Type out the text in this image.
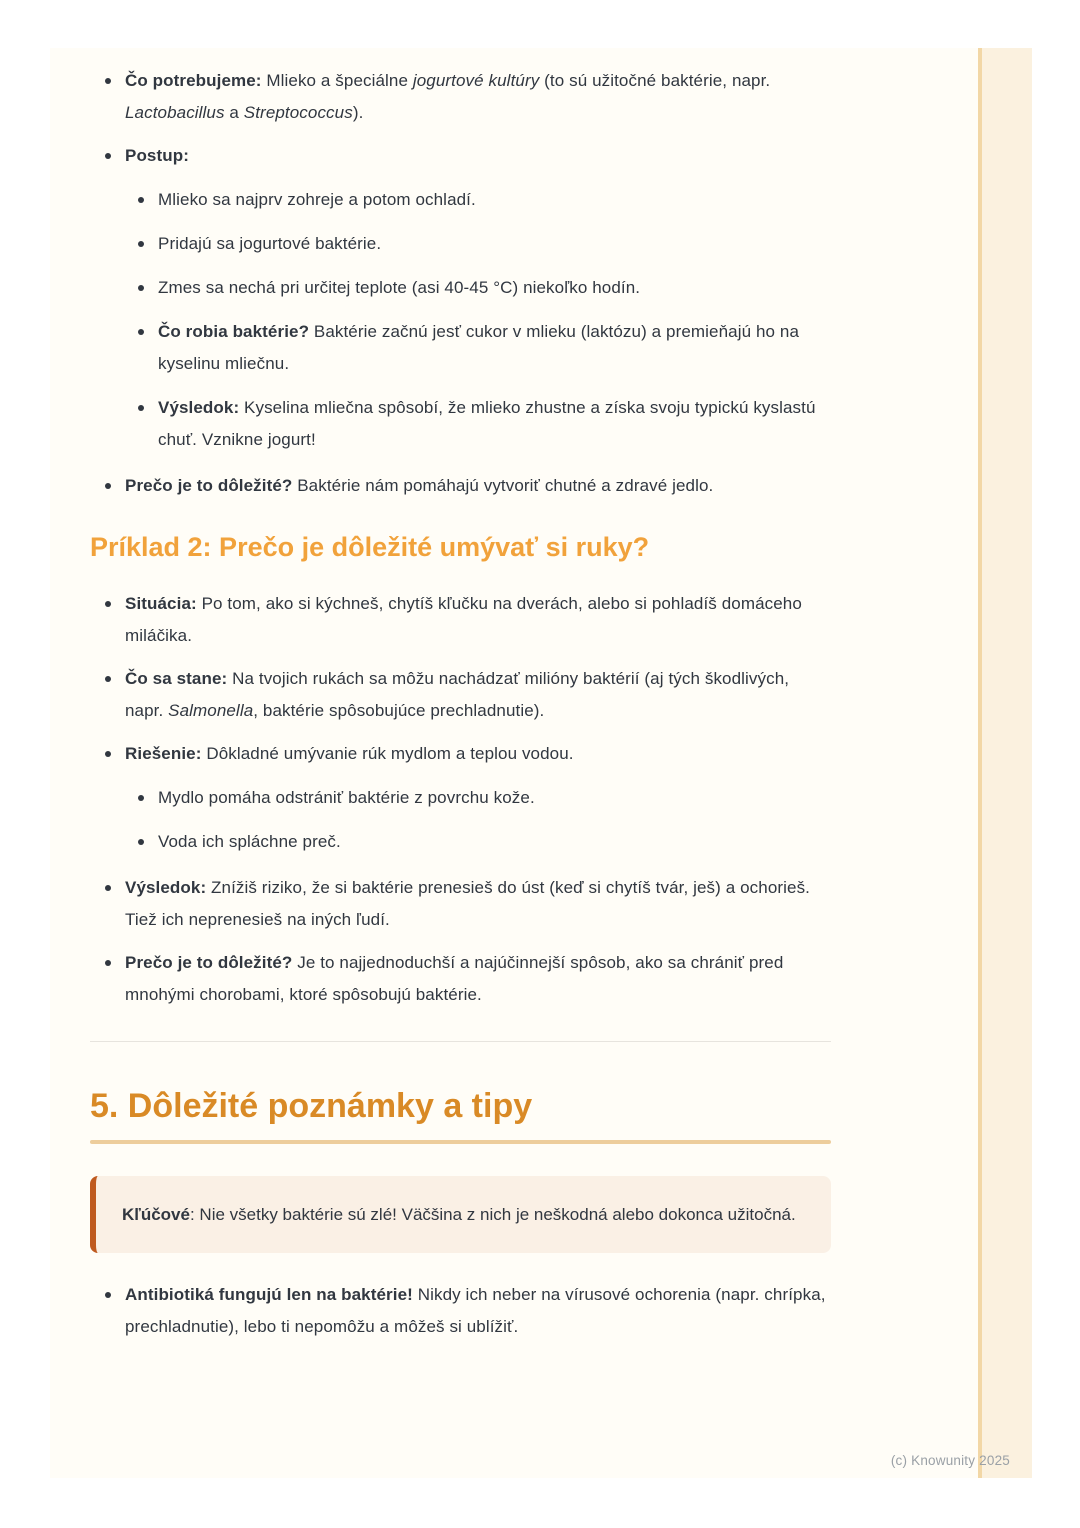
Čo potrebujeme: Mlieko a špeciálne jogurtové kultúry (to sú užitočné baktérie, napr. Lactobacillus a Streptococcus).
Postup:
Mlieko sa najprv zohreje a potom ochladí.
Pridajú sa jogurtové baktérie.
Zmes sa nechá pri určitej teplote (asi 40-45 °C) niekoľko hodín.
Čo robia baktérie? Baktérie začnú jesť cukor v mlieku (laktózu) a premieňajú ho na kyselinu mliečnu.
Výsledok: Kyselina mliečna spôsobí, že mlieko zhustne a získa svoju typickú kyslastú chuť. Vznikne jogurt!
Prečo je to dôležité? Baktérie nám pomáhajú vytvoriť chutné a zdravé jedlo.
Príklad 2: Prečo je dôležité umývať si ruky?
Situácia: Po tom, ako si kýchneš, chytíš kľučku na dverách, alebo si pohladíš domáceho miláčika.
Čo sa stane: Na tvojich rukách sa môžu nachádzať milióny baktérií (aj tých škodlivých, napr. Salmonella, baktérie spôsobujúce prechladnutie).
Riešenie: Dôkladné umývanie rúk mydlom a teplou vodou.
Mydlo pomáha odstrániť baktérie z povrchu kože.
Voda ich spláchne preč.
Výsledok: Znížiš riziko, že si baktérie prenesieš do úst (keď si chytíš tvár, ješ) a ochorieš. Tiež ich neprenesieš na iných ľudí.
Prečo je to dôležité? Je to najjednoduchší a najúčinnejší spôsob, ako sa chrániť pred mnohými chorobami, ktoré spôsobujú baktérie.
5. Dôležité poznámky a tipy
Kľúčové: Nie všetky baktérie sú zlé! Väčšina z nich je neškodná alebo dokonca užitočná.
Antibiotiká fungujú len na baktérie! Nikdy ich neber na vírusové ochorenia (napr. chrípka, prechladnutie), lebo ti nepomôžu a môžeš si ublížiť.
(c) Knowunity 2025
